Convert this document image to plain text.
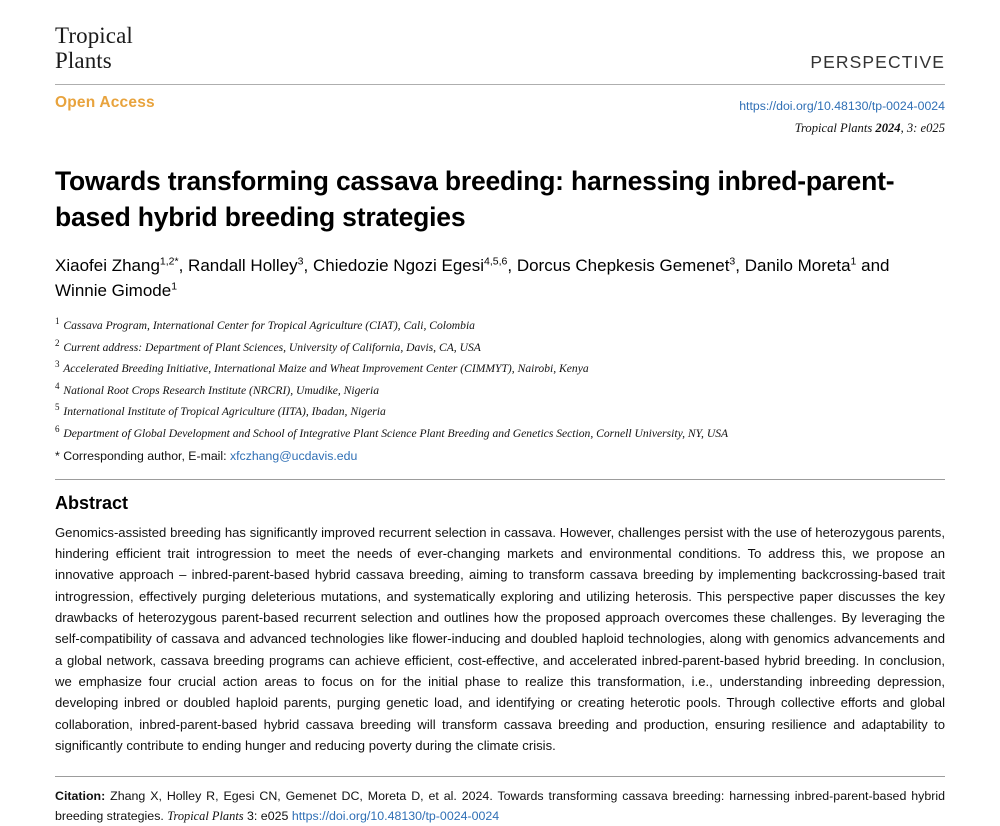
Tropical
Plants	PERSPECTIVE
Open Access	https://doi.org/10.48130/tp-0024-0024
Tropical Plants 2024, 3: e025
Towards transforming cassava breeding: harnessing inbred-parent-based hybrid breeding strategies
Xiaofei Zhang$^{1,2*}$, Randall Holley$^3$, Chiedozie Ngozi Egesi$^{4,5,6}$, Dorcus Chepkesis Gemenet$^3$, Danilo Moreta$^1$ and Winnie Gimode$^1$
$^1$ Cassava Program, International Center for Tropical Agriculture (CIAT), Cali, Colombia
$^2$ Current address: Department of Plant Sciences, University of California, Davis, CA, USA
$^3$ Accelerated Breeding Initiative, International Maize and Wheat Improvement Center (CIMMYT), Nairobi, Kenya
$^4$ National Root Crops Research Institute (NRCRI), Umudike, Nigeria
$^5$ International Institute of Tropical Agriculture (IITA), Ibadan, Nigeria
$^6$ Department of Global Development and School of Integrative Plant Science Plant Breeding and Genetics Section, Cornell University, NY, USA
* Corresponding author, E-mail: xfczhang@ucdavis.edu
Abstract
Genomics-assisted breeding has significantly improved recurrent selection in cassava. However, challenges persist with the use of heterozygous parents, hindering efficient trait introgression to meet the needs of ever-changing markets and environmental conditions. To address this, we propose an innovative approach – inbred-parent-based hybrid cassava breeding, aiming to transform cassava breeding by implementing backcrossing-based trait introgression, effectively purging deleterious mutations, and systematically exploring and utilizing heterosis. This perspective paper discusses the key drawbacks of heterozygous parent-based recurrent selection and outlines how the proposed approach overcomes these challenges. By leveraging the self-compatibility of cassava and advanced technologies like flower-inducing and doubled haploid technologies, along with genomics advancements and a global network, cassava breeding programs can achieve efficient, cost-effective, and accelerated inbred-parent-based hybrid breeding. In conclusion, we emphasize four crucial action areas to focus on for the initial phase to realize this transformation, i.e., understanding inbreeding depression, developing inbred or doubled haploid parents, purging genetic load, and identifying or creating heterotic pools. Through collective efforts and global collaboration, inbred-parent-based hybrid cassava breeding will transform cassava breeding and production, ensuring resilience and adaptability to significantly contribute to ending hunger and reducing poverty during the climate crisis.
Citation: Zhang X, Holley R, Egesi CN, Gemenet DC, Moreta D, et al. 2024. Towards transforming cassava breeding: harnessing inbred-parent-based hybrid breeding strategies. Tropical Plants 3: e025 https://doi.org/10.48130/tp-0024-0024
